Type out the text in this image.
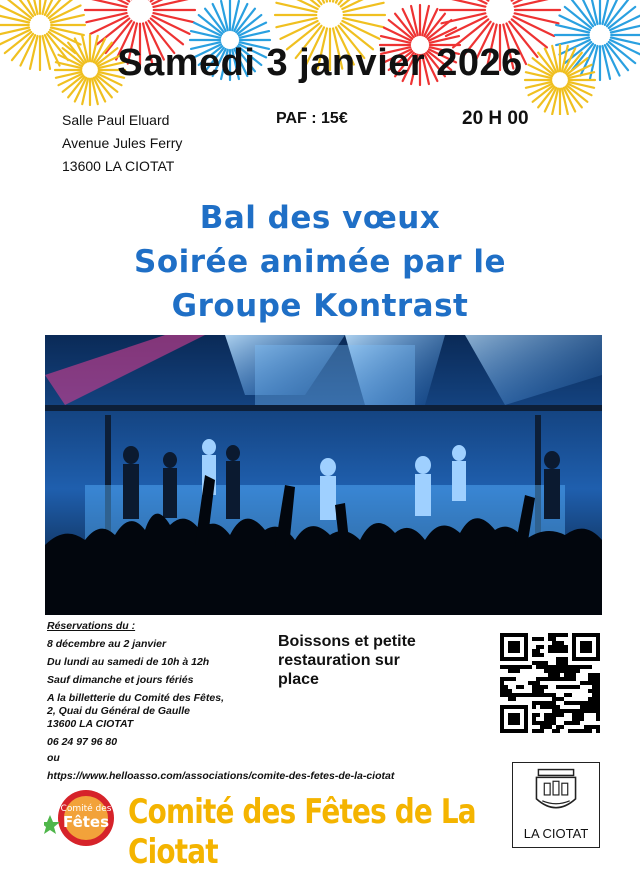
Samedi 3 janvier 2026
Salle Paul Eluard
Avenue Jules Ferry
13600 LA CIOTAT
PAF : 15€	20 H 00
Bal des vœux
Soirée animée par le
Groupe Kontrast
Réservations du :
8 décembre au 2 janvier
Du lundi au samedi de 10h à 12h
Sauf dimanche et jours fériés
A la billetterie du Comité des Fêtes,
2, Quai du Général de Gaulle
13600 LA CIOTAT
06 24 97 96 80
ou
https://www.helloasso.com/associations/comite-des-fetes-de-la-ciotat
Boissons et petite
restauration sur
place
LA CIOTAT
Comité des
Fêtes Comité des Fêtes de La Ciotat
